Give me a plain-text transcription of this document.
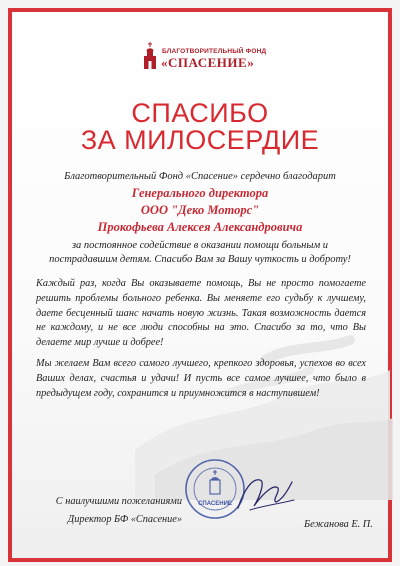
БЛАГОТВОРИТЕЛЬНЫЙ ФОНД
«СПАСЕНИЕ»
СПАСИБО
ЗА МИЛОСЕРДИЕ
Благотворительный Фонд «Спасение» сердечно благодарит
Генерального директора
ООО "Деко Моторс"
Прокофьева Алексея Александровича
за постоянное содействие в оказании помощи больным и
пострадавшим детям. Спасибо Вам за Вашу чуткость и доброту!
Каждый раз, когда Вы оказываете помощь, Вы не просто помогаете решить проблемы больного ребенка. Вы меняете его судьбу к лучшему, даете бесценный шанс начать новую жизнь. Такая возможность дается не каждому, и не все люди способны на это. Спасибо за то, что Вы делаете мир лучше и добрее!
Мы желаем Вам всего самого лучшего, крепкого здоровья, успехов во всех Ваших делах, счастья и удачи! И пусть все самое лучшее, что было в предыдущем году, сохранится и приумножится в наступившем!
С наилучшими пожеланиями
Директор БФ «Спасение»
СПАСЕНИЕ
Бежанова Е. П.
